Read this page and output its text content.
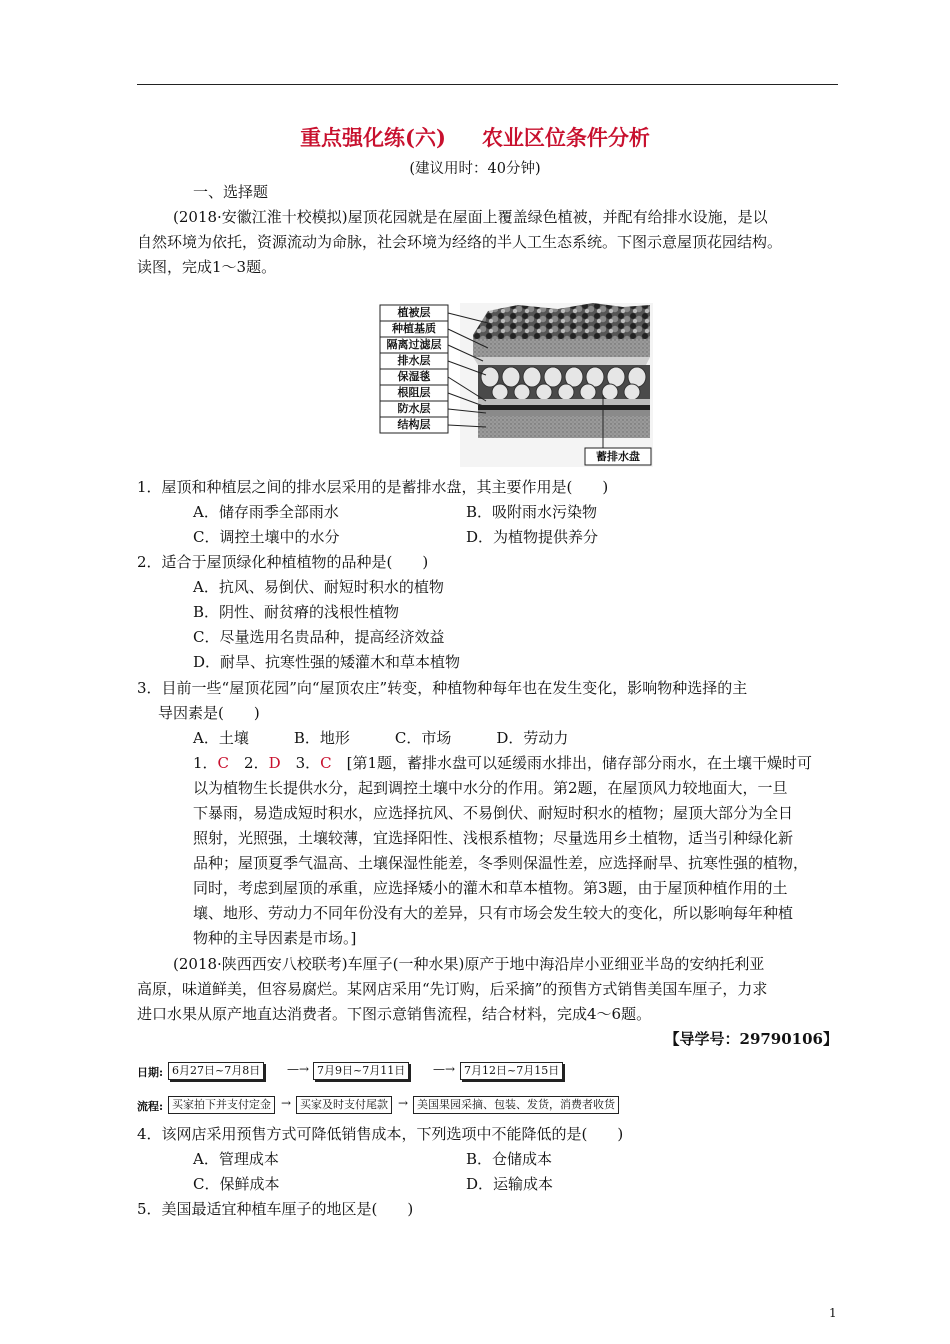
重点强化练(六) 农业区位条件分析
(建议用时：40分钟)
一、选择题
(2018·安徽江淮十校模拟)屋顶花园就是在屋面上覆盖绿色植被，并配有给排水设施，是以
自然环境为依托，资源流动为命脉，社会环境为经络的半人工生态系统。下图示意屋顶花园结构。
读图，完成1～3题。
植被层
种植基质
隔离过滤层
排水层
保湿毯
根阻层
防水层
结构层
蓄排水盘
1．屋顶和种植层之间的排水层采用的是蓄排水盘，其主要作用是(　　)
A．储存雨季全部雨水	B．吸附雨水污染物
C．调控土壤中的水分	D．为植物提供养分
2．适合于屋顶绿化种植植物的品种是(　　)
A．抗风、易倒伏、耐短时积水的植物
B．阴性、耐贫瘠的浅根性植物
C．尽量选用名贵品种，提高经济效益
D．耐旱、抗寒性强的矮灌木和草本植物
3．目前一些“屋顶花园”向“屋顶农庄”转变，种植物种每年也在发生变化，影响物种选择的主
导因素是(　　)
A．土壤　　　B．地形　　　C．市场　　　D．劳动力
1．C　2．D　3．C　[第1题，蓄排水盘可以延缓雨水排出，储存部分雨水，在土壤干燥时可
以为植物生长提供水分，起到调控土壤中水分的作用。第2题，在屋顶风力较地面大，一旦
下暴雨，易造成短时积水，应选择抗风、不易倒伏、耐短时积水的植物；屋顶大部分为全日
照射，光照强，土壤较薄，宜选择阳性、浅根系植物；尽量选用乡土植物，适当引种绿化新
品种；屋顶夏季气温高、土壤保湿性能差，冬季则保温性差，应选择耐旱、抗寒性强的植物，
同时，考虑到屋顶的承重，应选择矮小的灌木和草本植物。第3题，由于屋顶种植作用的土
壤、地形、劳动力不同年份没有大的差异，只有市场会发生较大的变化，所以影响每年种植
物种的主导因素是市场。]
(2018·陕西西安八校联考)车厘子(一种水果)原产于地中海沿岸小亚细亚半岛的安纳托利亚
高原，味道鲜美，但容易腐烂。某网店采用“先订购，后采摘”的预售方式销售美国车厘子，力求
进口水果从原产地直达消费者。下图示意销售流程，结合材料，完成4～6题。
【导学号：29790106】
日期: 6月27日~7月8日	—→ 7月9日~7月11日	—→ 7月12日~7月15日
流程: 买家拍下并支付定金 → 买家及时支付尾款 → 美国果园采摘、包装、发货，消费者收货
4．该网店采用预售方式可降低销售成本，下列选项中不能降低的是(　　)
A．管理成本	B．仓储成本
C．保鲜成本	D．运输成本
5．美国最适宜种植车厘子的地区是(　　)
1
